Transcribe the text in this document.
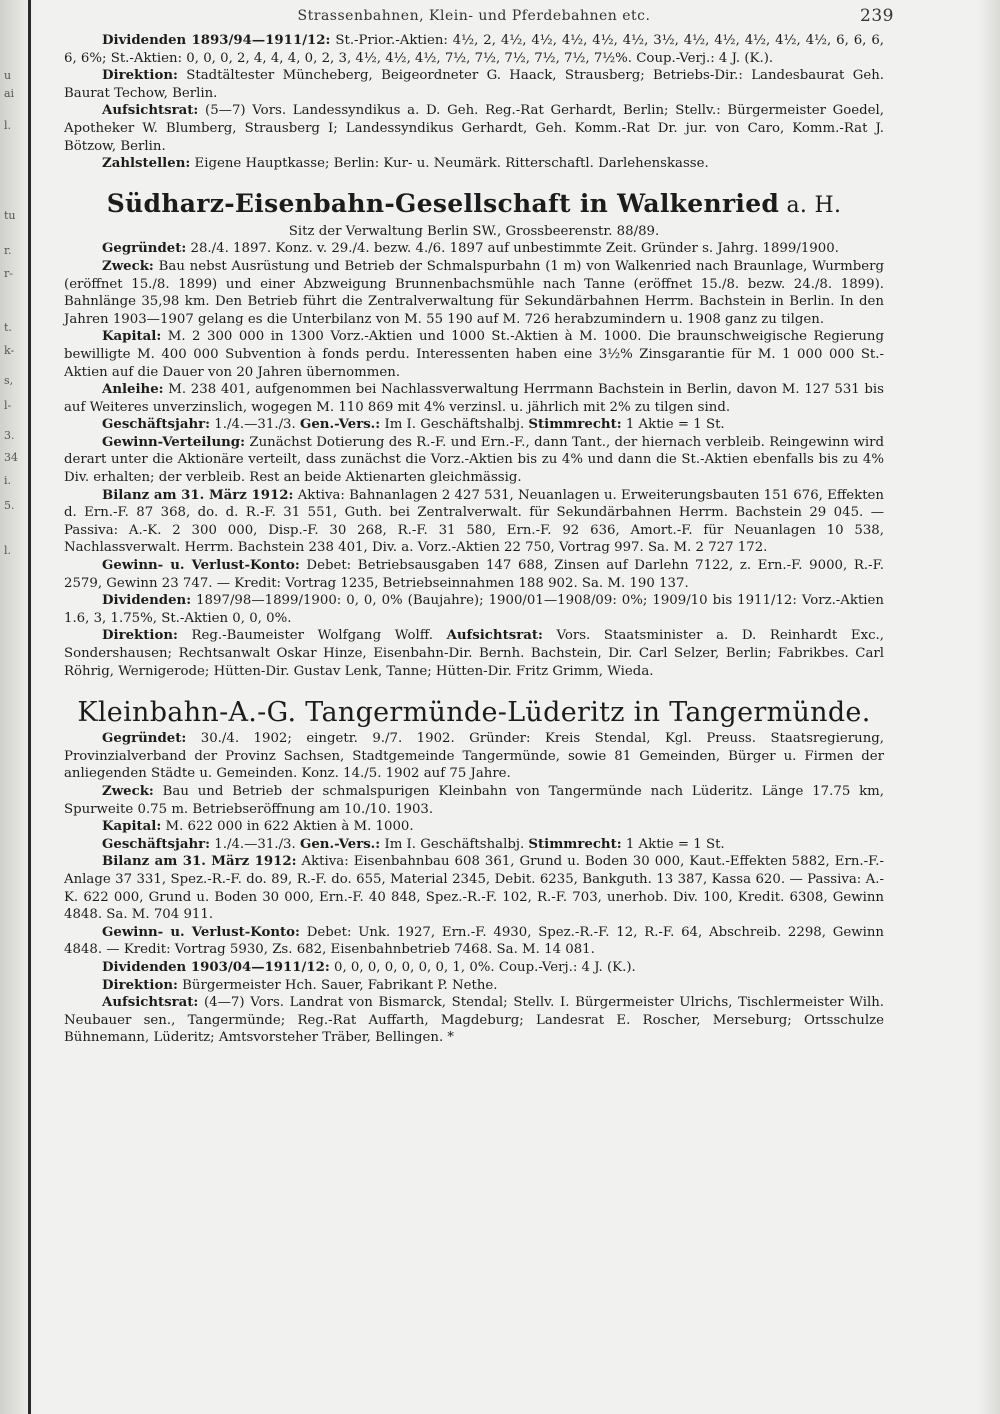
u
ai
l.
tu
r.
r-
t.
k-
s,
l-
3.
34
i.
5.
l.
Strassenbahnen, Klein- und Pferdebahnen etc.	239

Dividenden 1893/94—1911/12: St.-Prior.-Aktien: 4½, 2, 4½, 4½, 4½, 4½, 4½, 3½, 4½, 4½, 4½, 4½, 4½, 6, 6, 6, 6, 6%; St.-Aktien: 0, 0, 0, 2, 4, 4, 4, 0, 2, 3, 4½, 4½, 4½, 7½, 7½, 7½, 7½, 7½, 7½%. Coup.-Verj.: 4 J. (K.).

Direktion: Stadtältester Müncheberg, Beigeordneter G. Haack, Strausberg; Betriebs-Dir.: Landesbaurat Geh. Baurat Techow, Berlin.

Aufsichtsrat: (5—7) Vors. Landessyndikus a. D. Geh. Reg.-Rat Gerhardt, Berlin; Stellv.: Bürgermeister Goedel, Apotheker W. Blumberg, Strausberg I; Landessyndikus Gerhardt, Geh. Komm.-Rat Dr. jur. von Caro, Komm.-Rat J. Bötzow, Berlin.

Zahlstellen: Eigene Hauptkasse; Berlin: Kur- u. Neumärk. Ritterschaftl. Darlehenskasse.

Südharz-Eisenbahn-Gesellschaft in Walkenried a. H.

Sitz der Verwaltung Berlin SW., Grossbeerenstr. 88/89.

Gegründet: 28./4. 1897. Konz. v. 29./4. bezw. 4./6. 1897 auf unbestimmte Zeit. Gründer s. Jahrg. 1899/1900.

Zweck: Bau nebst Ausrüstung und Betrieb der Schmalspurbahn (1 m) von Walkenried nach Braunlage, Wurmberg (eröffnet 15./8. 1899) und einer Abzweigung Brunnenbachsmühle nach Tanne (eröffnet 15./8. bezw. 24./8. 1899). Bahnlänge 35,98 km. Den Betrieb führt die Zentralverwaltung für Sekundärbahnen Herrm. Bachstein in Berlin. In den Jahren 1903—1907 gelang es die Unterbilanz von M. 55 190 auf M. 726 herabzumindern u. 1908 ganz zu tilgen.

Kapital: M. 2 300 000 in 1300 Vorz.-Aktien und 1000 St.-Aktien à M. 1000. Die braunschweigische Regierung bewilligte M. 400 000 Subvention à fonds perdu. Interessenten haben eine 3½% Zinsgarantie für M. 1 000 000 St.-Aktien auf die Dauer von 20 Jahren übernommen.

Anleihe: M. 238 401, aufgenommen bei Nachlassverwaltung Herrmann Bachstein in Berlin, davon M. 127 531 bis auf Weiteres unverzinslich, wogegen M. 110 869 mit 4% verzinsl. u. jährlich mit 2% zu tilgen sind.

Geschäftsjahr: 1./4.—31./3. Gen.-Vers.: Im I. Geschäftshalbj. Stimmrecht: 1 Aktie = 1 St.

Gewinn-Verteilung: Zunächst Dotierung des R.-F. und Ern.-F., dann Tant., der hiernach verbleib. Reingewinn wird derart unter die Aktionäre verteilt, dass zunächst die Vorz.-Aktien bis zu 4% und dann die St.-Aktien ebenfalls bis zu 4% Div. erhalten; der verbleib. Rest an beide Aktienarten gleichmässig.

Bilanz am 31. März 1912: Aktiva: Bahnanlagen 2 427 531, Neuanlagen u. Erweiterungsbauten 151 676, Effekten d. Ern.-F. 87 368, do. d. R.-F. 31 551, Guth. bei Zentralverwalt. für Sekundärbahnen Herrm. Bachstein 29 045. — Passiva: A.-K. 2 300 000, Disp.-F. 30 268, R.-F. 31 580, Ern.-F. 92 636, Amort.-F. für Neuanlagen 10 538, Nachlassverwalt. Herrm. Bachstein 238 401, Div. a. Vorz.-Aktien 22 750, Vortrag 997. Sa. M. 2 727 172.

Gewinn- u. Verlust-Konto: Debet: Betriebsausgaben 147 688, Zinsen auf Darlehn 7122, z. Ern.-F. 9000, R.-F. 2579, Gewinn 23 747. — Kredit: Vortrag 1235, Betriebseinnahmen 188 902. Sa. M. 190 137.

Dividenden: 1897/98—1899/1900: 0, 0, 0% (Baujahre); 1900/01—1908/09: 0%; 1909/10 bis 1911/12: Vorz.-Aktien 1.6, 3, 1.75%, St.-Aktien 0, 0, 0%.

Direktion: Reg.-Baumeister Wolfgang Wolff. Aufsichtsrat: Vors. Staatsminister a. D. Reinhardt Exc., Sondershausen; Rechtsanwalt Oskar Hinze, Eisenbahn-Dir. Bernh. Bachstein, Dir. Carl Selzer, Berlin; Fabrikbes. Carl Röhrig, Wernigerode; Hütten-Dir. Gustav Lenk, Tanne; Hütten-Dir. Fritz Grimm, Wieda.

Kleinbahn-A.-G. Tangermünde-Lüderitz in Tangermünde.

Gegründet: 30./4. 1902; eingetr. 9./7. 1902. Gründer: Kreis Stendal, Kgl. Preuss. Staatsregierung, Provinzialverband der Provinz Sachsen, Stadtgemeinde Tangermünde, sowie 81 Gemeinden, Bürger u. Firmen der anliegenden Städte u. Gemeinden. Konz. 14./5. 1902 auf 75 Jahre.

Zweck: Bau und Betrieb der schmalspurigen Kleinbahn von Tangermünde nach Lüderitz. Länge 17.75 km, Spurweite 0.75 m. Betriebseröffnung am 10./10. 1903.

Kapital: M. 622 000 in 622 Aktien à M. 1000.

Geschäftsjahr: 1./4.—31./3. Gen.-Vers.: Im I. Geschäftshalbj. Stimmrecht: 1 Aktie = 1 St.

Bilanz am 31. März 1912: Aktiva: Eisenbahnbau 608 361, Grund u. Boden 30 000, Kaut.-Effekten 5882, Ern.-F.-Anlage 37 331, Spez.-R.-F. do. 89, R.-F. do. 655, Material 2345, Debit. 6235, Bankguth. 13 387, Kassa 620. — Passiva: A.-K. 622 000, Grund u. Boden 30 000, Ern.-F. 40 848, Spez.-R.-F. 102, R.-F. 703, unerhob. Div. 100, Kredit. 6308, Gewinn 4848. Sa. M. 704 911.

Gewinn- u. Verlust-Konto: Debet: Unk. 1927, Ern.-F. 4930, Spez.-R.-F. 12, R.-F. 64, Abschreib. 2298, Gewinn 4848. — Kredit: Vortrag 5930, Zs. 682, Eisenbahnbetrieb 7468. Sa. M. 14 081.

Dividenden 1903/04—1911/12: 0, 0, 0, 0, 0, 0, 0, 1, 0%. Coup.-Verj.: 4 J. (K.).

Direktion: Bürgermeister Hch. Sauer, Fabrikant P. Nethe.

Aufsichtsrat: (4—7) Vors. Landrat von Bismarck, Stendal; Stellv. I. Bürgermeister Ulrichs, Tischlermeister Wilh. Neubauer sen., Tangermünde; Reg.-Rat Auffarth, Magdeburg; Landesrat E. Roscher, Merseburg; Ortsschulze Bühnemann, Lüderitz; Amtsvorsteher Träber, Bellingen. *
